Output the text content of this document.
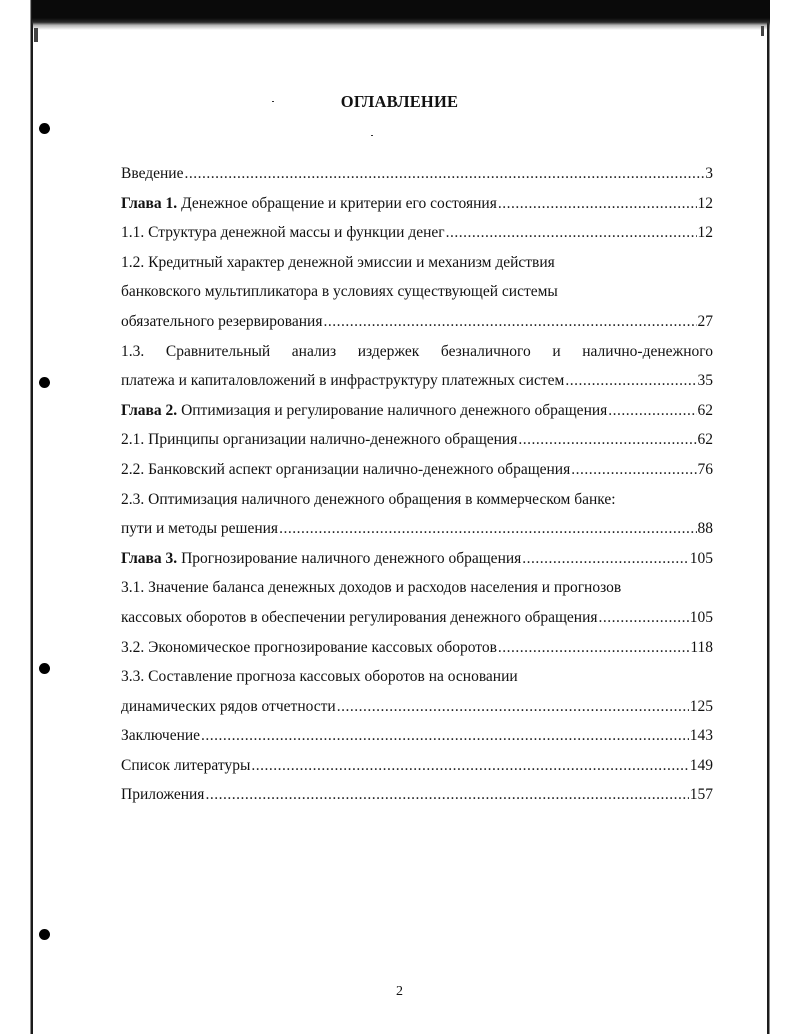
ОГЛАВЛЕНИЕ
Введение .....	3
Глава 1. Денежное обращение и критерии его состояния .....	12
1.1. Структура денежной массы и функции денег .....	12
1.2. Кредитный характер денежной эмиссии и механизм действия
банковского мультипликатора в условиях существующей системы
обязательного резервирования .....	27
1.3. Сравнительный анализ издержек безналичного и налично-денежного
платежа и капиталовложений в инфраструктуру платежных систем .....	35
Глава 2. Оптимизация и регулирование наличного денежного обращения .....	62
2.1. Принципы организации налично-денежного обращения .....	62
2.2. Банковский аспект организации налично-денежного обращения .....	76
2.3. Оптимизация наличного денежного обращения в коммерческом банке:
пути и методы решения .....	88
Глава 3. Прогнозирование наличного денежного обращения .....	105
3.1. Значение баланса денежных доходов и расходов населения и прогнозов
кассовых оборотов в обеспечении регулирования денежного обращения .....	105
3.2. Экономическое прогнозирование кассовых оборотов .....	118
3.3. Составление прогноза кассовых оборотов на основании
динамических рядов отчетности .....	125
Заключение .....	143
Список литературы .....	149
Приложения .....	157
2
